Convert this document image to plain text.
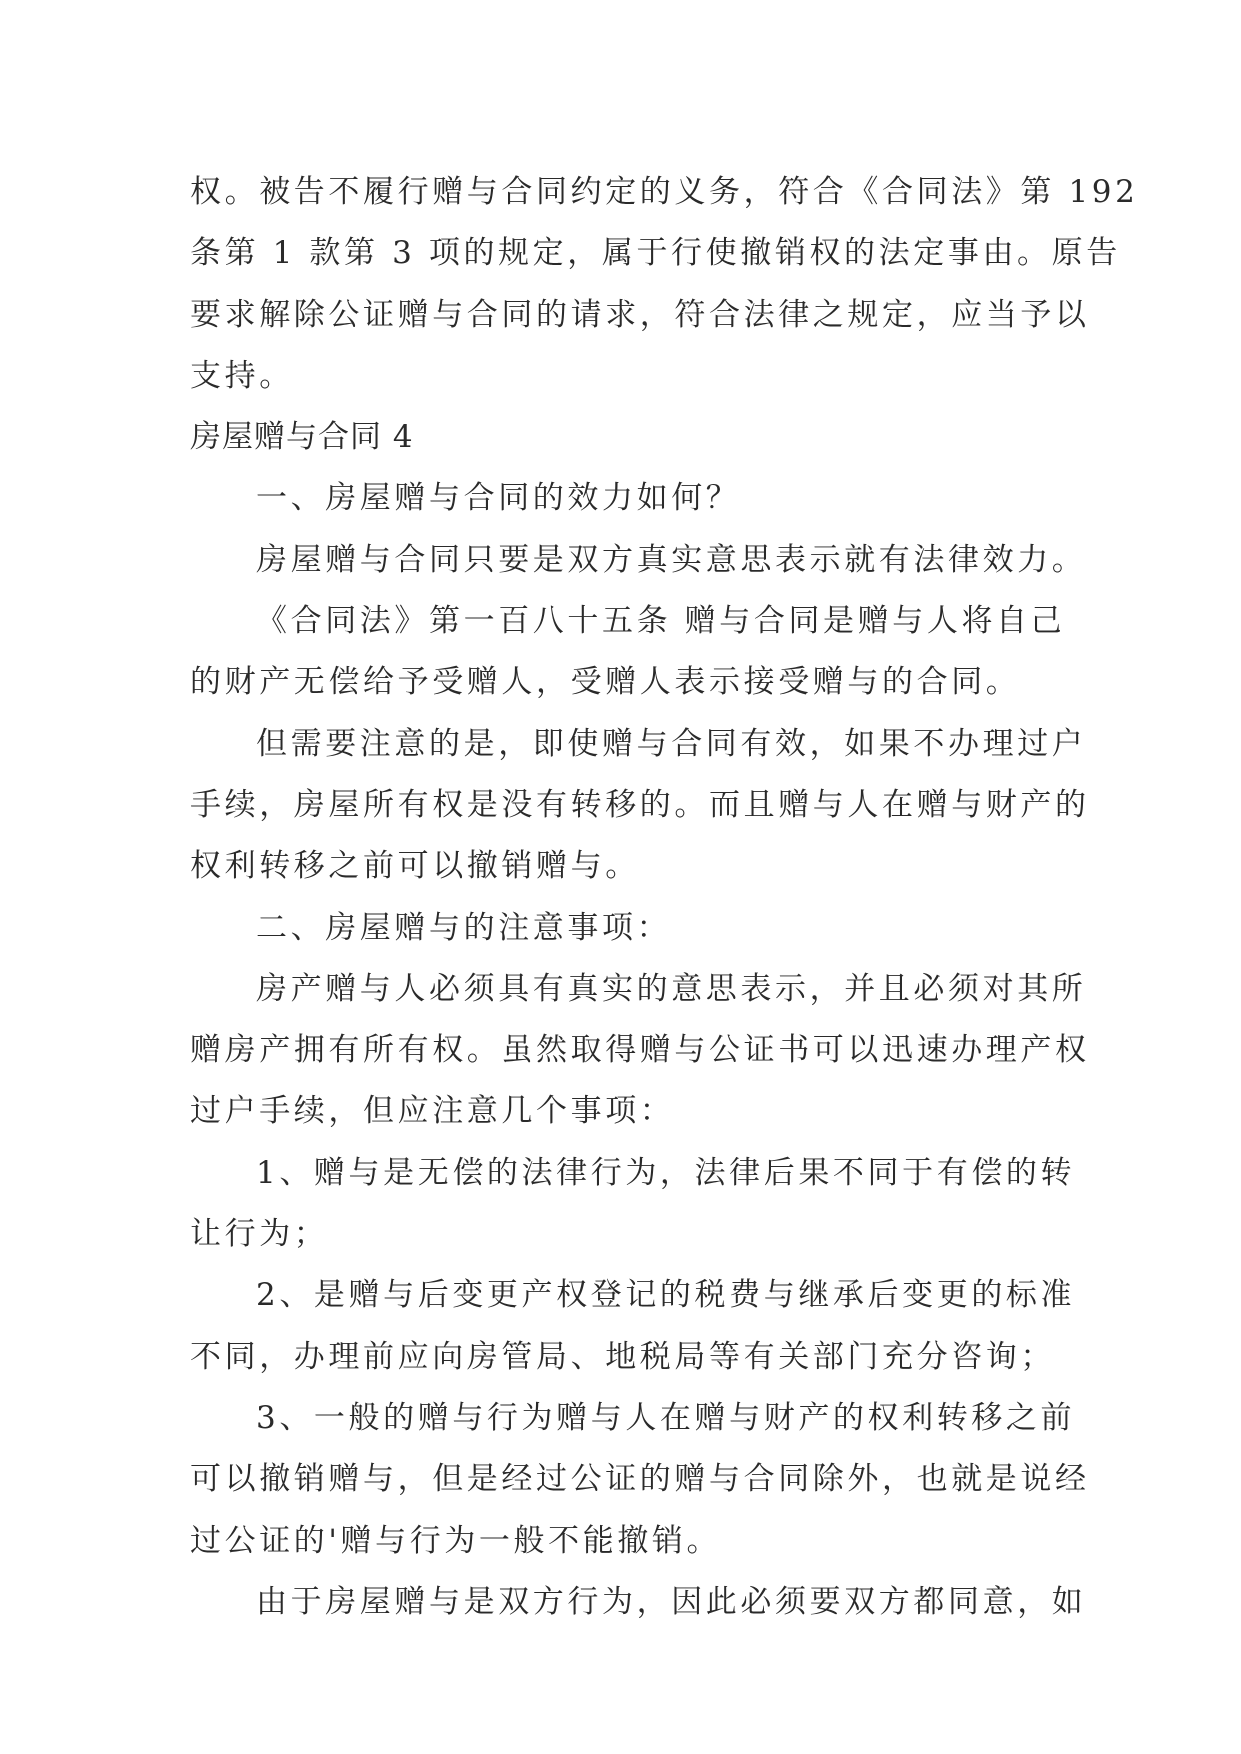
权。被告不履行赠与合同约定的义务，符合《合同法》第 192
条第 1 款第 3 项的规定，属于行使撤销权的法定事由。原告
要求解除公证赠与合同的请求，符合法律之规定，应当予以
支持。
房屋赠与合同 4
一、房屋赠与合同的效力如何？
房屋赠与合同只要是双方真实意思表示就有法律效力。
《合同法》第一百八十五条 赠与合同是赠与人将自己
的财产无偿给予受赠人，受赠人表示接受赠与的合同。
但需要注意的是，即使赠与合同有效，如果不办理过户
手续，房屋所有权是没有转移的。而且赠与人在赠与财产的
权利转移之前可以撤销赠与。
二、房屋赠与的注意事项：
房产赠与人必须具有真实的意思表示，并且必须对其所
赠房产拥有所有权。虽然取得赠与公证书可以迅速办理产权
过户手续，但应注意几个事项：
1、赠与是无偿的法律行为，法律后果不同于有偿的转
让行为；
2、是赠与后变更产权登记的税费与继承后变更的标准
不同，办理前应向房管局、地税局等有关部门充分咨询；
3、一般的赠与行为赠与人在赠与财产的权利转移之前
可以撤销赠与，但是经过公证的赠与合同除外，也就是说经
过公证的'赠与行为一般不能撤销。
由于房屋赠与是双方行为，因此必须要双方都同意，如
